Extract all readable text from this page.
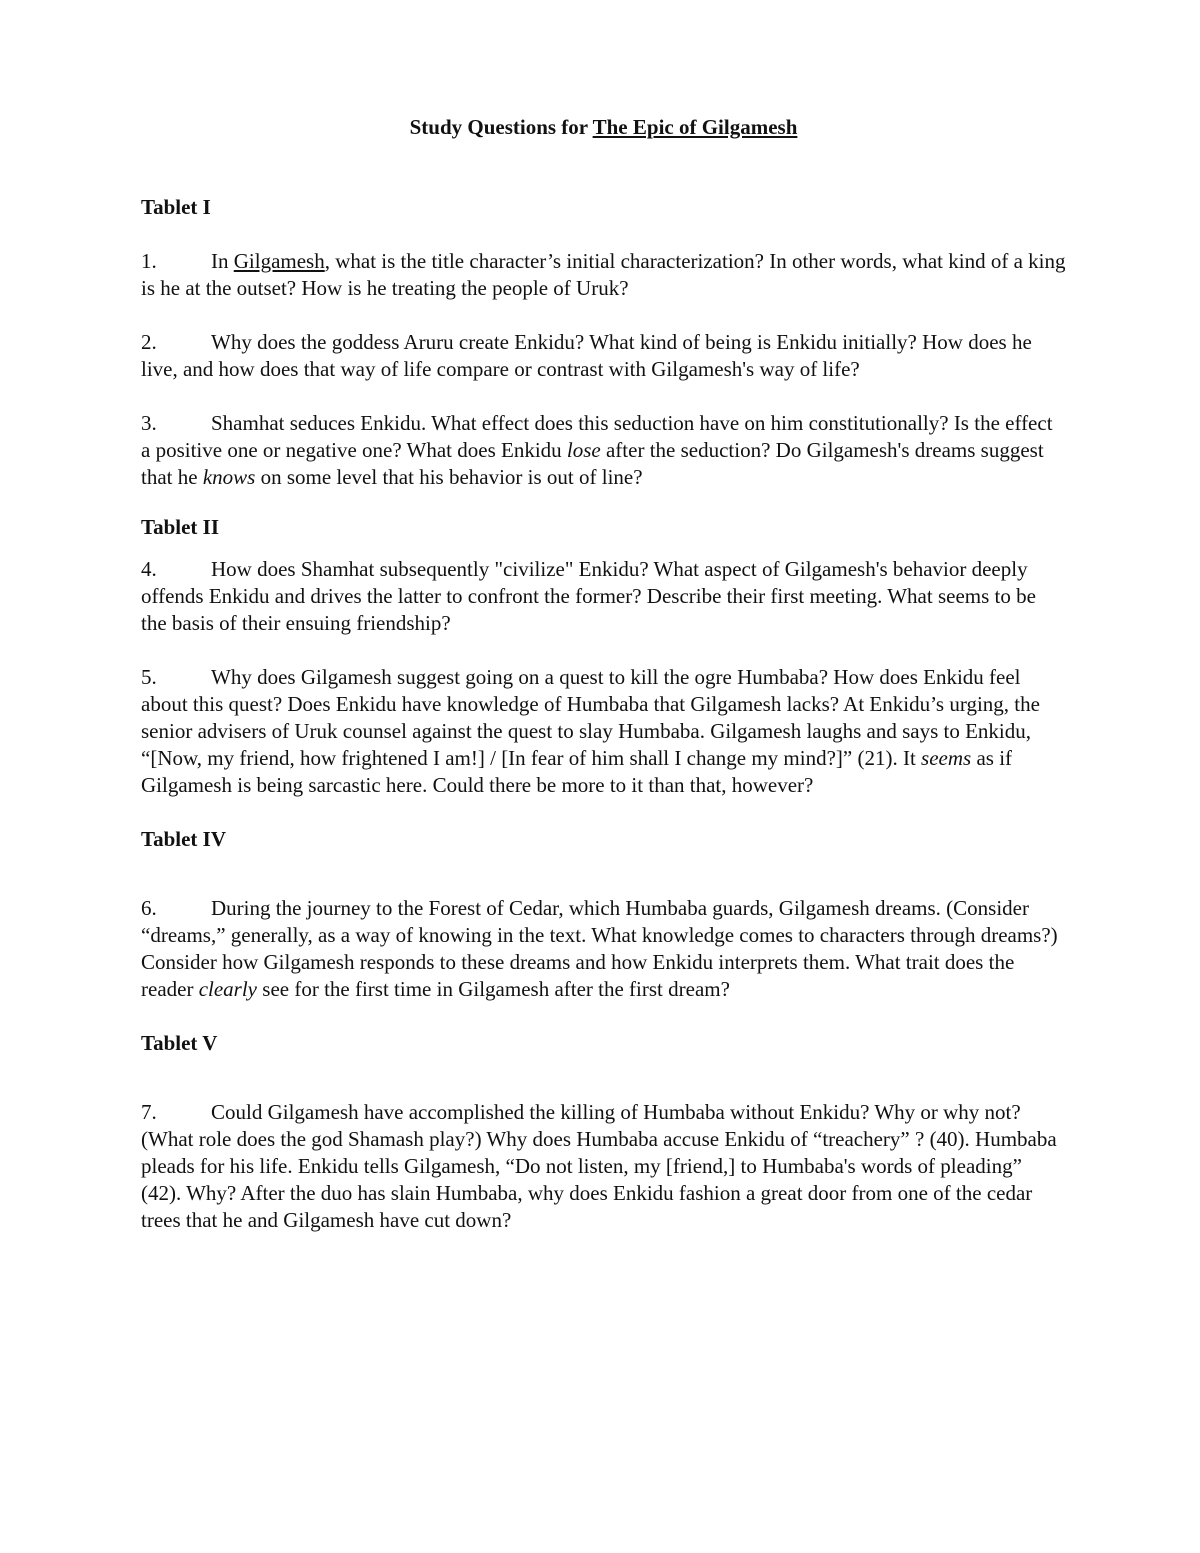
Study Questions for The Epic of Gilgamesh

Tablet I

1.	In Gilgamesh, what is the title character’s initial characterization? In other words, what kind of a king is he at the outset? How is he treating the people of Uruk?

2.	Why does the goddess Aruru create Enkidu? What kind of being is Enkidu initially? How does he live, and how does that way of life compare or contrast with Gilgamesh's way of life?

3.	Shamhat seduces Enkidu. What effect does this seduction have on him constitutionally? Is the effect a positive one or negative one? What does Enkidu lose after the seduction? Do Gilgamesh's dreams suggest that he knows on some level that his behavior is out of line?

Tablet II

4.	How does Shamhat subsequently "civilize" Enkidu? What aspect of Gilgamesh's behavior deeply offends Enkidu and drives the latter to confront the former? Describe their first meeting. What seems to be the basis of their ensuing friendship?

5.	Why does Gilgamesh suggest going on a quest to kill the ogre Humbaba? How does Enkidu feel about this quest? Does Enkidu have knowledge of Humbaba that Gilgamesh lacks? At Enkidu’s urging, the senior advisers of Uruk counsel against the quest to slay Humbaba. Gilgamesh laughs and says to Enkidu, “[Now, my friend, how frightened I am!] / [In fear of him shall I change my mind?]” (21). It seems as if Gilgamesh is being sarcastic here. Could there be more to it than that, however?

Tablet IV

6.	During the journey to the Forest of Cedar, which Humbaba guards, Gilgamesh dreams. (Consider “dreams,” generally, as a way of knowing in the text. What knowledge comes to characters through dreams?) Consider how Gilgamesh responds to these dreams and how Enkidu interprets them. What trait does the reader clearly see for the first time in Gilgamesh after the first dream?

Tablet V

7.	Could Gilgamesh have accomplished the killing of Humbaba without Enkidu? Why or why not? (What role does the god Shamash play?) Why does Humbaba accuse Enkidu of “treachery” ? (40). Humbaba pleads for his life. Enkidu tells Gilgamesh, “Do not listen, my [friend,] to Humbaba's words of pleading” (42). Why? After the duo has slain Humbaba, why does Enkidu fashion a great door from one of the cedar trees that he and Gilgamesh have cut down?
